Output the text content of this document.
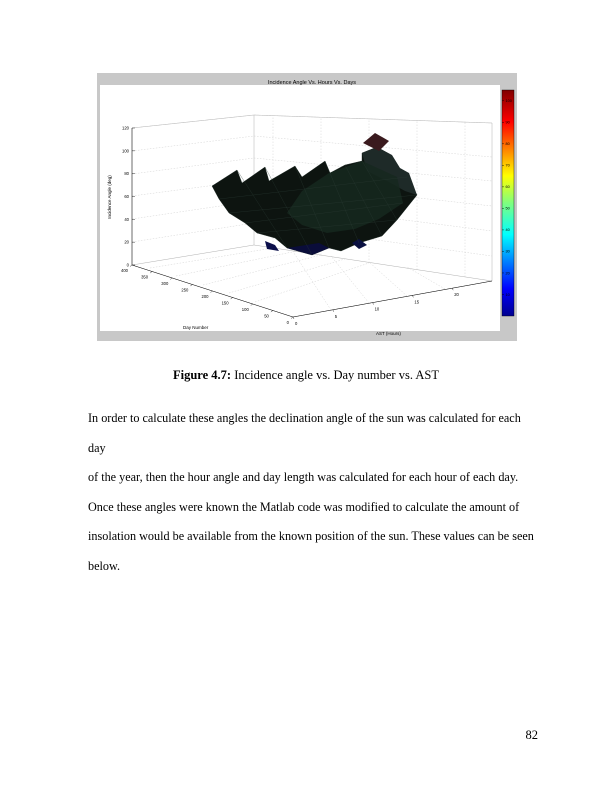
Incidence Angle Vs. Hours Vs. Days
0
20
40
60
80
100
120
Incidence Angle (deg)
0
50
100
150
200
250
300
350
400
Day Number
0
5
10
15
20
AST (Hours)
10
20
30
40
50
60
70
80
90
100
Figure 4.7: Incidence angle vs. Day number vs. AST

In order to calculate these angles the declination angle of the sun was calculated for each day

of the year, then the hour angle and day length was calculated for each hour of each day.

Once these angles were known the Matlab code was modified to calculate the amount of

insolation would be available from the known position of the sun. These values can be seen

below.

82
